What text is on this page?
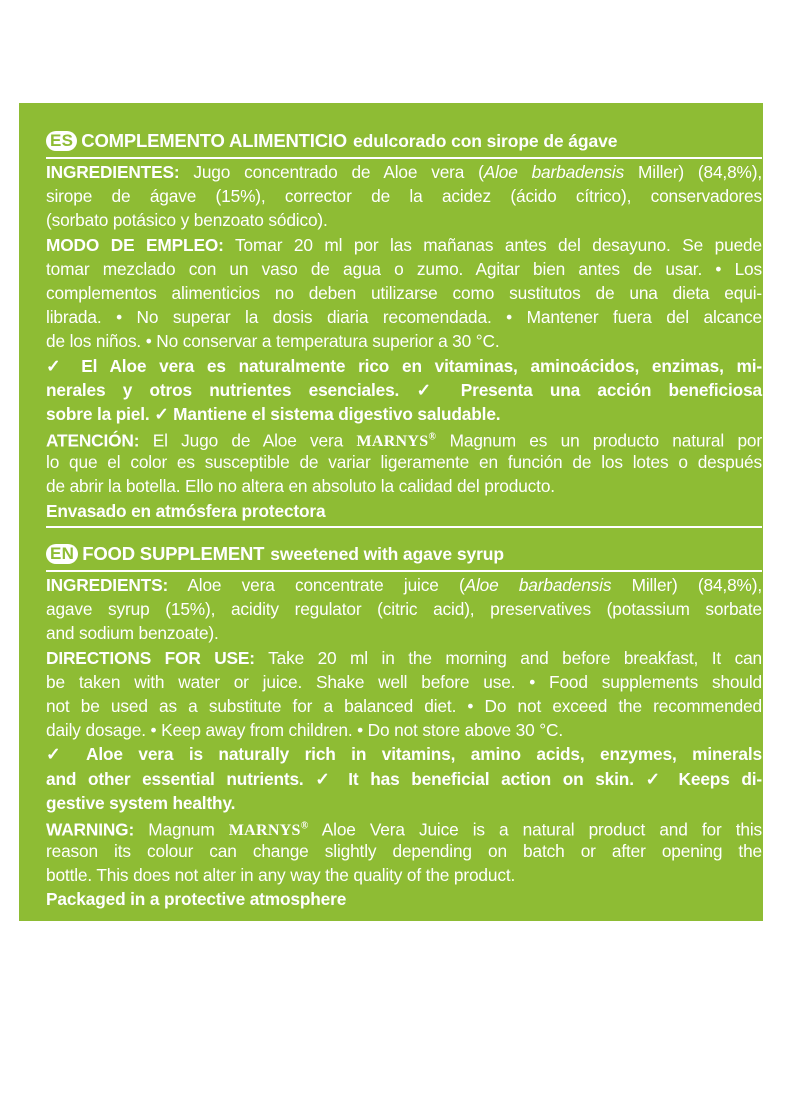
ES COMPLEMENTO ALIMENTICIO edulcorado con sirope de ágave
INGREDIENTES: Jugo concentrado de Aloe vera (Aloe barbadensis Miller) (84,8%),
sirope de ágave (15%), corrector de la acidez (ácido cítrico), conservadores
(sorbato potásico y benzoato sódico).
MODO DE EMPLEO: Tomar 20 ml por las mañanas antes del desayuno. Se puede
tomar mezclado con un vaso de agua o zumo. Agitar bien antes de usar. • Los
complementos alimenticios no deben utilizarse como sustitutos de una dieta equi-
librada. • No superar la dosis diaria recomendada. • Mantener fuera del alcance
de los niños. • No conservar a temperatura superior a 30 °C.
✓ El Aloe vera es naturalmente rico en vitaminas, aminoácidos, enzimas, mi-
nerales y otros nutrientes esenciales. ✓ Presenta una acción beneficiosa
sobre la piel. ✓ Mantiene el sistema digestivo saludable.
ATENCIÓN: El Jugo de Aloe vera MARNYS® Magnum es un producto natural por
lo que el color es susceptible de variar ligeramente en función de los lotes o después
de abrir la botella. Ello no altera en absoluto la calidad del producto.
Envasado en atmósfera protectora
EN FOOD SUPPLEMENT sweetened with agave syrup
INGREDIENTS: Aloe vera concentrate juice (Aloe barbadensis Miller) (84,8%),
agave syrup (15%), acidity regulator (citric acid), preservatives (potassium sorbate
and sodium benzoate).
DIRECTIONS FOR USE: Take 20 ml in the morning and before breakfast, It can
be taken with water or juice. Shake well before use. • Food supplements should
not be used as a substitute for a balanced diet. • Do not exceed the recommended
daily dosage. • Keep away from children. • Do not store above 30 °C.
✓ Aloe vera is naturally rich in vitamins, amino acids, enzymes, minerals
and other essential nutrients. ✓ It has beneficial action on skin. ✓ Keeps di-
gestive system healthy.
WARNING: Magnum MARNYS® Aloe Vera Juice is a natural product and for this
reason its colour can change slightly depending on batch or after opening the
bottle. This does not alter in any way the quality of the product.
Packaged in a protective atmosphere
